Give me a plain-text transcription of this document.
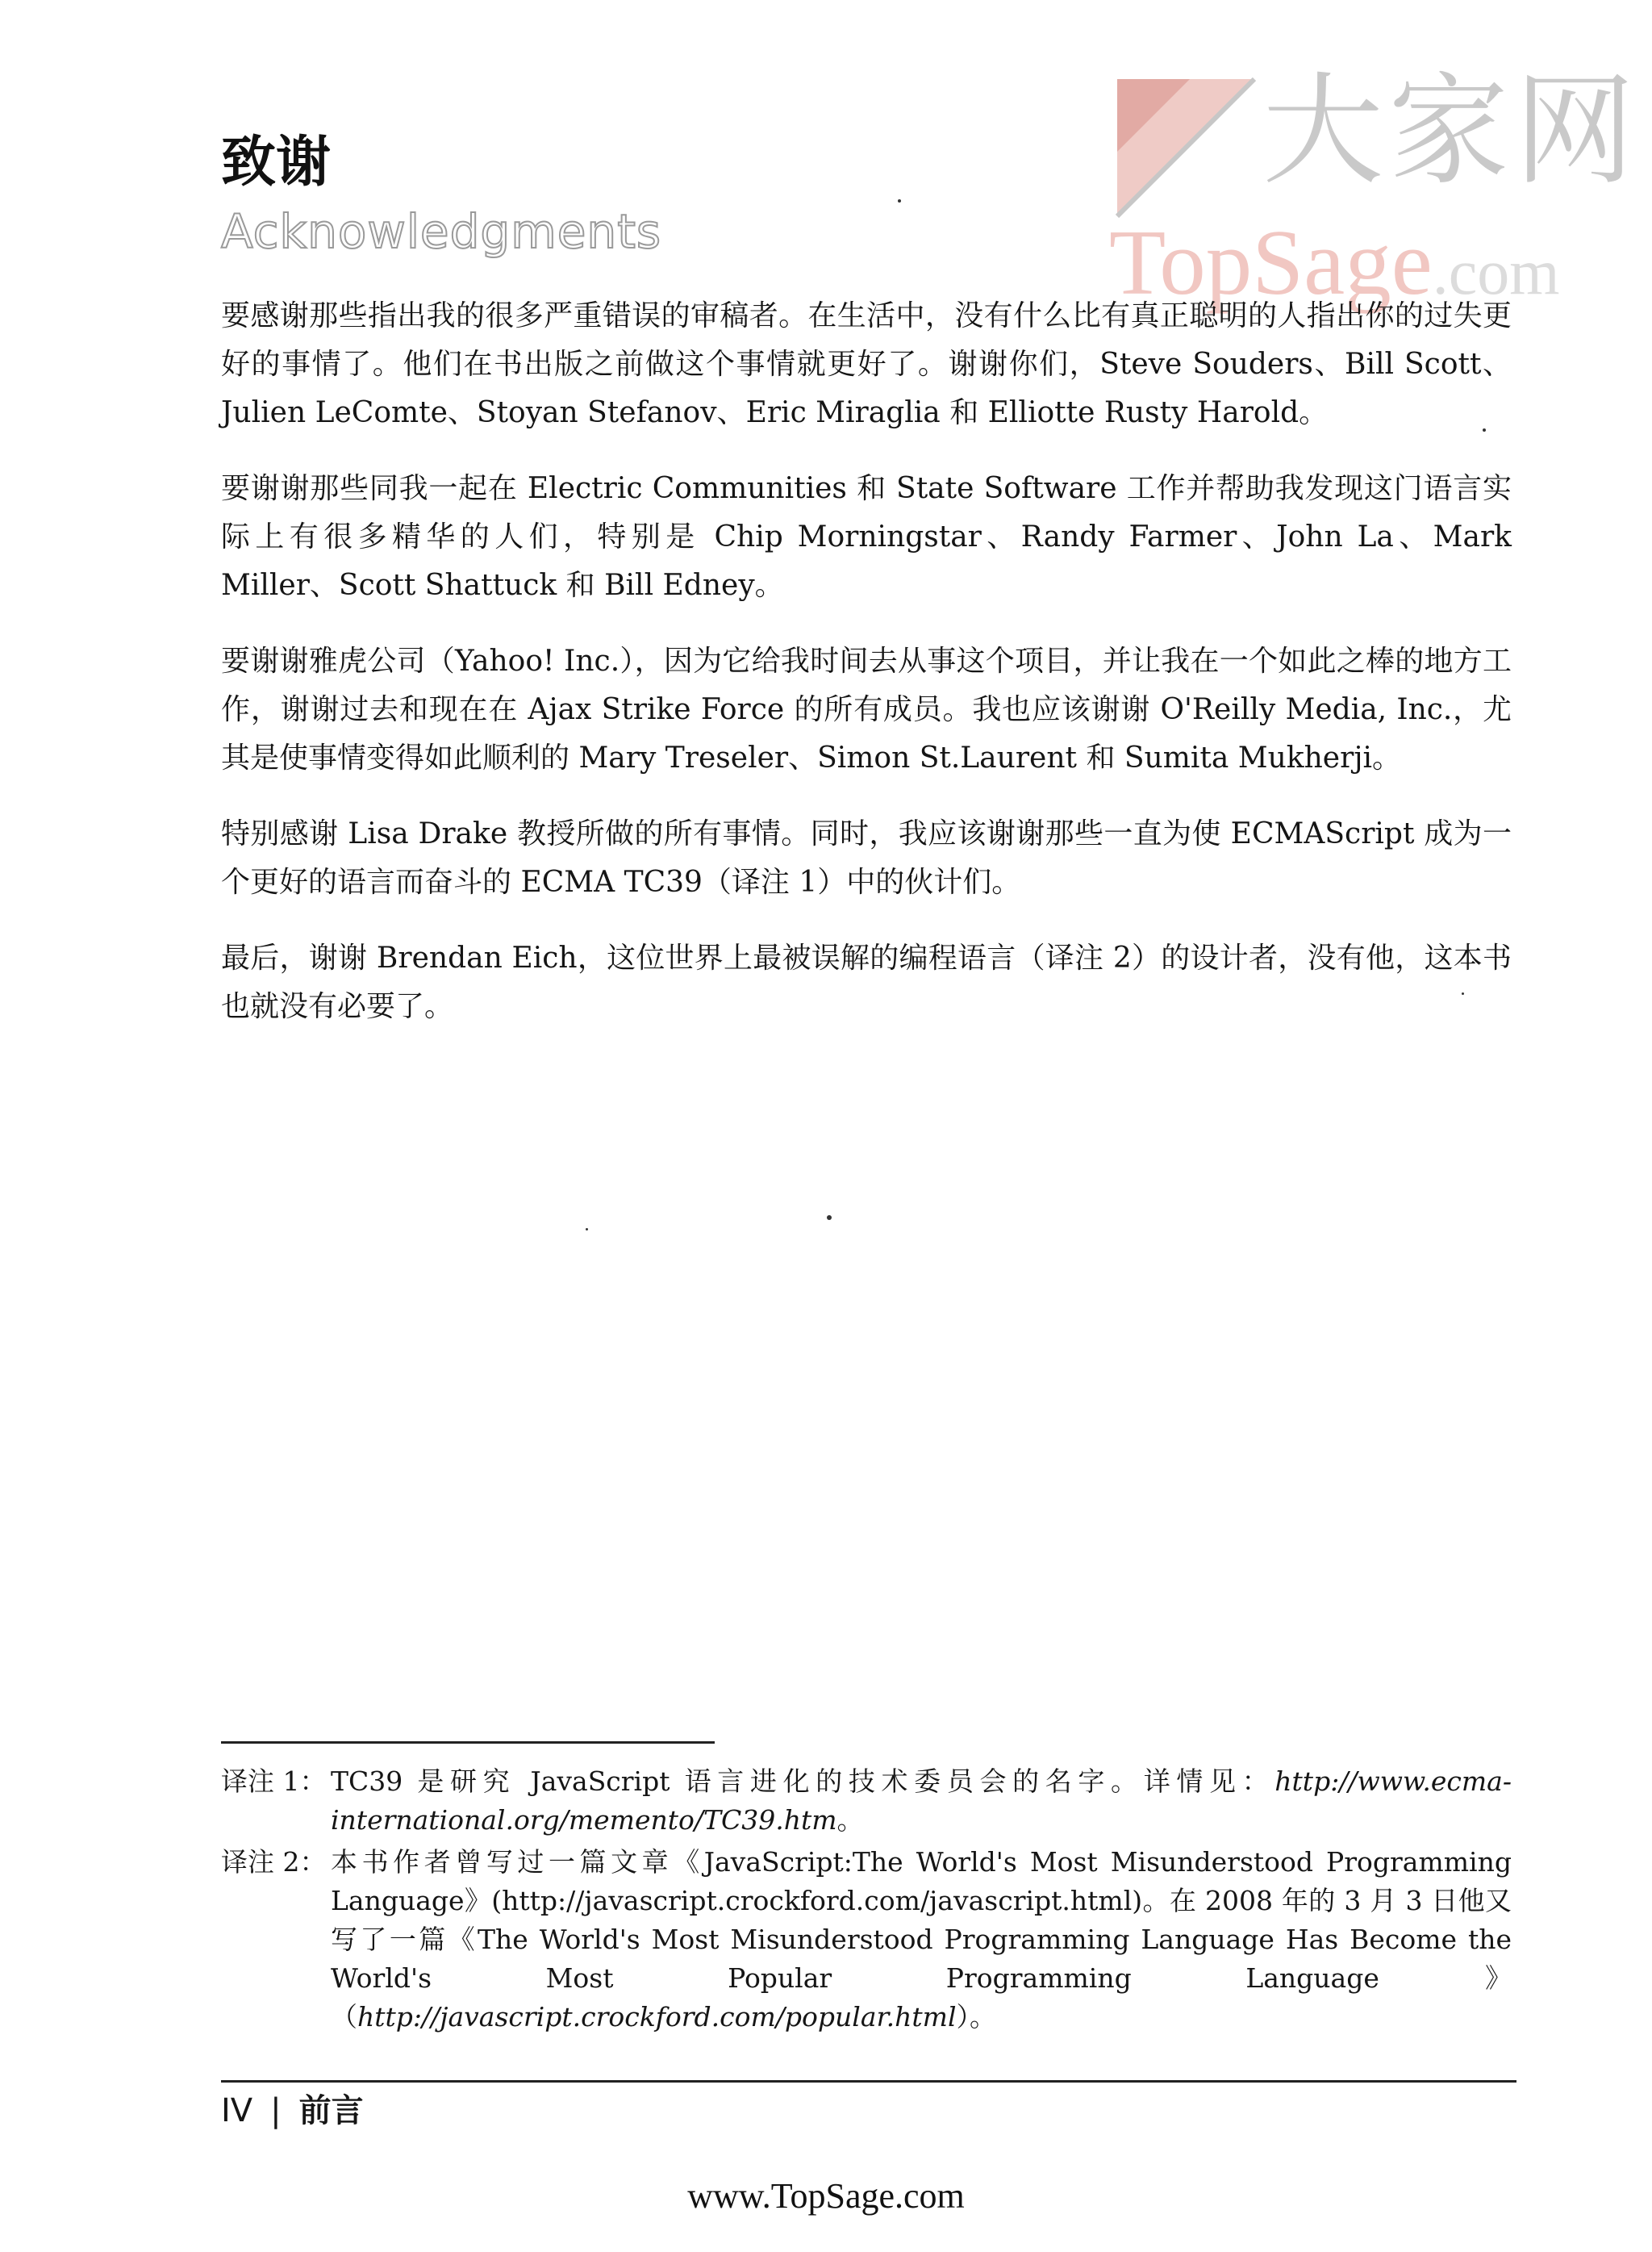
大家网
TopSage.com
致谢
Acknowledgments

要感谢那些指出我的很多严重错误的审稿者。在生活中，没有什么比有真正聪明的人指出你的过失更好的事情了。他们在书出版之前做这个事情就更好了。谢谢你们，Steve Souders、Bill Scott、Julien LeComte、Stoyan Stefanov、Eric Miraglia 和 Elliotte Rusty Harold。

要谢谢那些同我一起在 Electric Communities 和 State Software 工作并帮助我发现这门语言实际上有很多精华的人们，特别是 Chip Morningstar、Randy Farmer、John La、Mark Miller、Scott Shattuck 和 Bill Edney。

要谢谢雅虎公司（Yahoo! Inc.），因为它给我时间去从事这个项目，并让我在一个如此之棒的地方工作，谢谢过去和现在在 Ajax Strike Force 的所有成员。我也应该谢谢 O'Reilly Media, Inc.，尤其是使事情变得如此顺利的 Mary Treseler、Simon St.Laurent 和 Sumita Mukherji。

特别感谢 Lisa Drake 教授所做的所有事情。同时，我应该谢谢那些一直为使 ECMAScript 成为一个更好的语言而奋斗的 ECMA TC39（译注 1）中的伙计们。

最后，谢谢 Brendan Eich，这位世界上最被误解的编程语言（译注 2）的设计者，没有他，这本书也就没有必要了。

译注 1： TC39 是研究 JavaScript 语言进化的技术委员会的名字。详情见：http://www.ecma-international.org/memento/TC39.htm。
译注 2： 本书作者曾写过一篇文章《JavaScript:The World's Most Misunderstood Programming Language》(http://javascript.crockford.com/javascript.html)。在 2008 年的 3 月 3 日他又写了一篇《The World's Most Misunderstood Programming Language Has Become the World's Most Popular Programming Language》（http://javascript.crockford.com/popular.html）。
IV | 前言
www.TopSage.com
